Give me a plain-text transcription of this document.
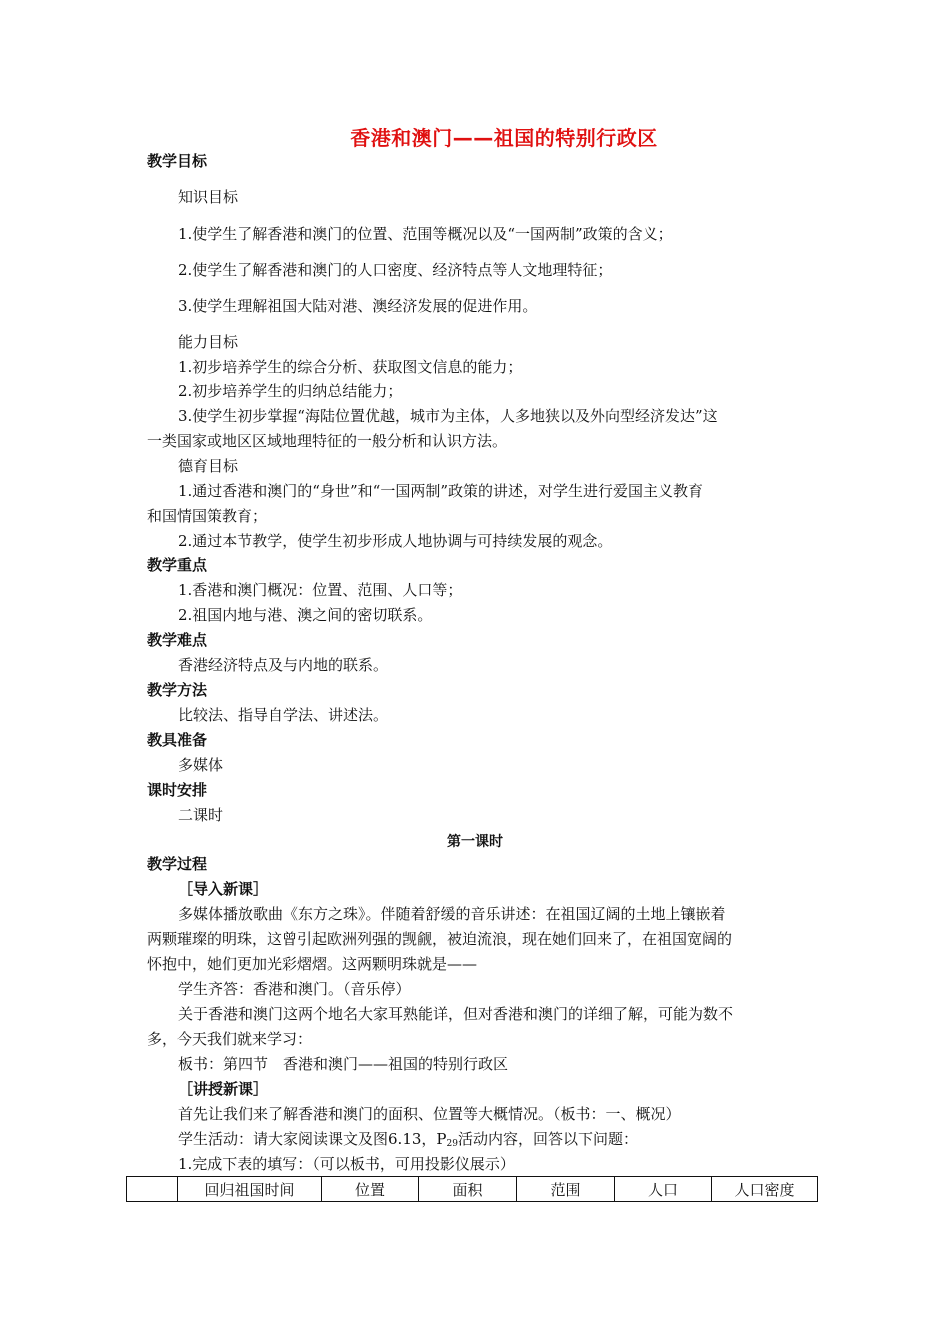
香港和澳门——祖国的特别行政区
教学目标
知识目标
1.使学生了解香港和澳门的位置、范围等概况以及“一国两制”政策的含义；
2.使学生了解香港和澳门的人口密度、经济特点等人文地理特征；
3.使学生理解祖国大陆对港、澳经济发展的促进作用。
能力目标
1.初步培养学生的综合分析、获取图文信息的能力；
2.初步培养学生的归纳总结能力；
3.使学生初步掌握“海陆位置优越，城市为主体，人多地狭以及外向型经济发达”这
一类国家或地区区域地理特征的一般分析和认识方法。
德育目标
1.通过香港和澳门的“身世”和“一国两制”政策的讲述，对学生进行爱国主义教育
和国情国策教育；
2.通过本节教学，使学生初步形成人地协调与可持续发展的观念。
教学重点
1.香港和澳门概况：位置、范围、人口等；
2.祖国内地与港、澳之间的密切联系。
教学难点
香港经济特点及与内地的联系。
教学方法
比较法、指导自学法、讲述法。
教具准备
多媒体
课时安排
二课时
第一课时
教学过程
［导入新课］
多媒体播放歌曲《东方之珠》。伴随着舒缓的音乐讲述：在祖国辽阔的土地上镶嵌着
两颗璀璨的明珠，这曾引起欧洲列强的觊觎，被迫流浪，现在她们回来了，在祖国宽阔的
怀抱中，她们更加光彩熠熠。这两颗明珠就是——
学生齐答：香港和澳门。（音乐停）
关于香港和澳门这两个地名大家耳熟能详，但对香港和澳门的详细了解，可能为数不
多，今天我们就来学习：
板书：第四节　香港和澳门——祖国的特别行政区
［讲授新课］
首先让我们来了解香港和澳门的面积、位置等大概情况。（板书：一、概况）
学生活动：请大家阅读课文及图6.13，$P_{29}$活动内容，回答以下问题：
1.完成下表的填写：（可以板书，可用投影仪展示）
	回归祖国时间	位置	面积	范围	人口	人口密度
